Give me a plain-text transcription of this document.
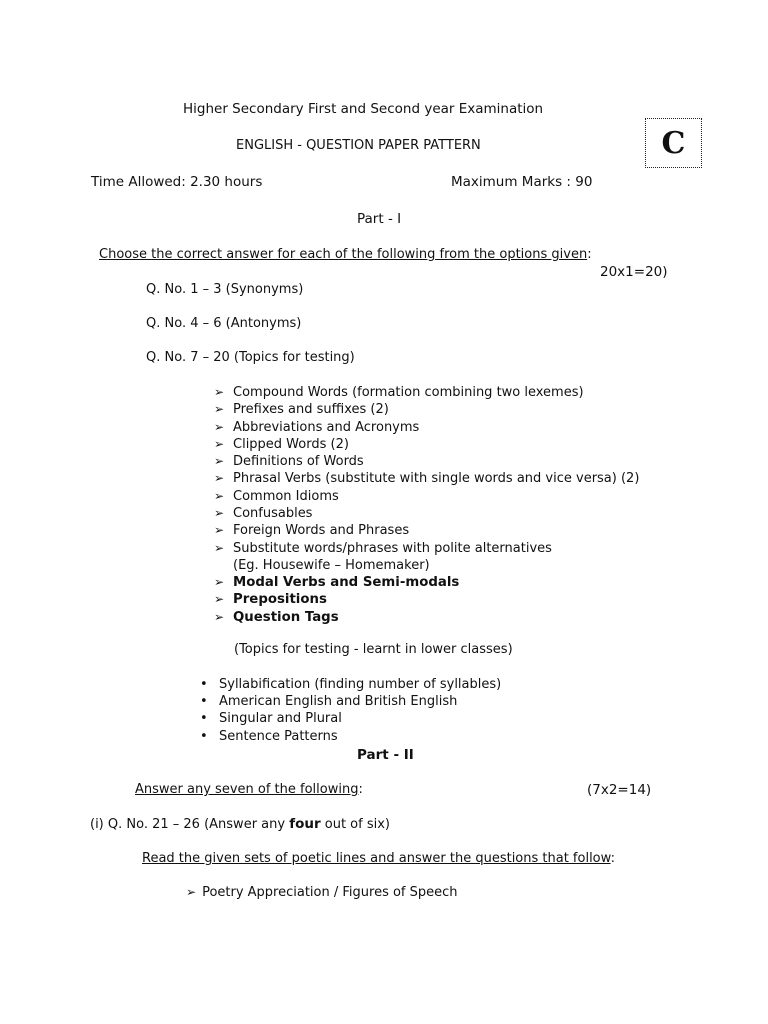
Higher Secondary First and Second year Examination
ENGLISH - QUESTION PAPER PATTERN	C
Time Allowed: 2.30 hours	Maximum Marks : 90
Part - I
Choose the correct answer for each of the following from the options given:
20x1=20)
Q. No. 1 – 3 (Synonyms)
Q. No. 4 – 6 (Antonyms)
Q. No. 7 – 20 (Topics for testing)
➢ Compound Words (formation combining two lexemes)
➢ Prefixes and suffixes (2)
➢ Abbreviations and Acronyms
➢ Clipped Words (2)
➢ Definitions of Words
➢ Phrasal Verbs (substitute with single words and vice versa) (2)
➢ Common Idioms
➢ Confusables
➢ Foreign Words and Phrases
➢ Substitute words/phrases with polite alternatives
(Eg. Housewife – Homemaker)
➢ Modal Verbs and Semi-modals
➢ Prepositions
➢ Question Tags
(Topics for testing - learnt in lower classes)
• Syllabification (finding number of syllables)
• American English and British English
• Singular and Plural
• Sentence Patterns
Part - II
Answer any seven of the following:	(7x2=14)
(i) Q. No. 21 – 26 (Answer any four out of six)
Read the given sets of poetic lines and answer the questions that follow:
➢ Poetry Appreciation / Figures of Speech
